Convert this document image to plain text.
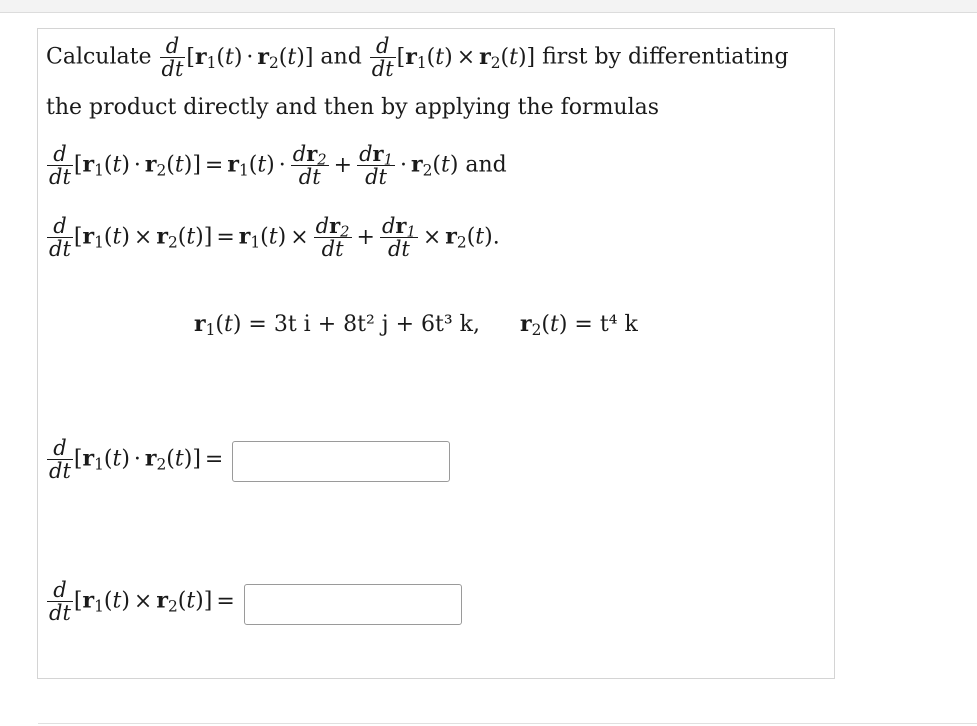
Calculate $\frac{d}{dt} [r_1(t) \cdot r_2(t)]$ and $\frac{d}{dt} [r_1(t) \times r_2(t)]$ first by differentiating
the product directly and then by applying the formulas
$\frac{d}{dt} [r_1(t) \cdot r_2(t)] = r_1(t) \cdot \frac{dr_2}{dt} + \frac{dr_1}{dt} \cdot r_2(t)$ and
$\frac{d}{dt} [r_1(t) \times r_2(t)] = r_1(t) \times \frac{dr_2}{dt} + \frac{dr_1}{dt} \times r_2(t)$.
$r_1(t) = 3t$ i + 8t² j + 6t³ k, $r_2(t) = t^4$ k
$\frac{d}{dt} [r_1(t) \cdot r_2(t)]$ =
$\frac{d}{dt} [r_1(t) \times r_2(t)]$ =
